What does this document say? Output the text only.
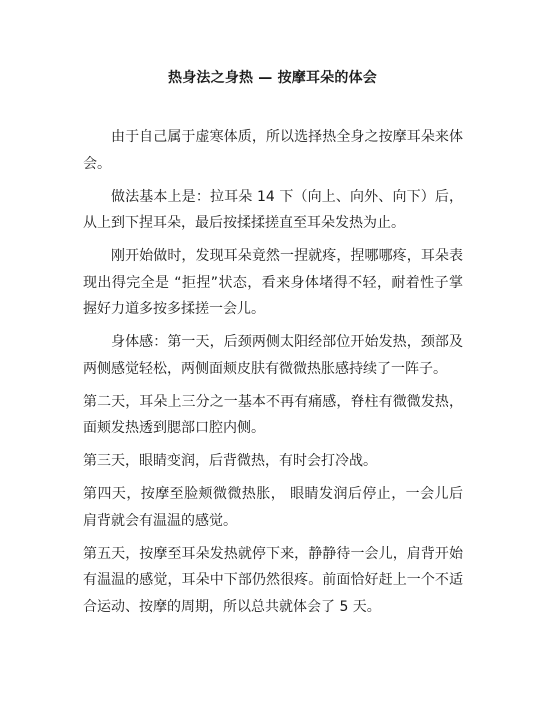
热身法之身热 — 按摩耳朵的体会

由于自己属于虚寒体质，所以选择热全身之按摩耳朵来体会。

做法基本上是：拉耳朵 14 下（向上、向外、向下）后，从上到下捏耳朵，最后按揉揉搓直至耳朵发热为止。

刚开始做时，发现耳朵竟然一捏就疼，捏哪哪疼，耳朵表现出得完全是 “拒捏”状态，看来身体堵得不轻，耐着性子掌握好力道多按多揉搓一会儿。

身体感：第一天，后颈两侧太阳经部位开始发热，颈部及两侧感觉轻松，两侧面颊皮肤有微微热胀感持续了一阵子。

第二天，耳朵上三分之一基本不再有痛感，脊柱有微微发热，面颊发热透到腮部口腔内侧。

第三天，眼睛变润，后背微热，有时会打冷战。

第四天，按摩至脸颊微微热胀， 眼睛发润后停止，一会儿后肩背就会有温温的感觉。

第五天，按摩至耳朵发热就停下来，静静待一会儿，肩背开始有温温的感觉，耳朵中下部仍然很疼。前面恰好赶上一个不适合运动、按摩的周期，所以总共就体会了 5 天。
